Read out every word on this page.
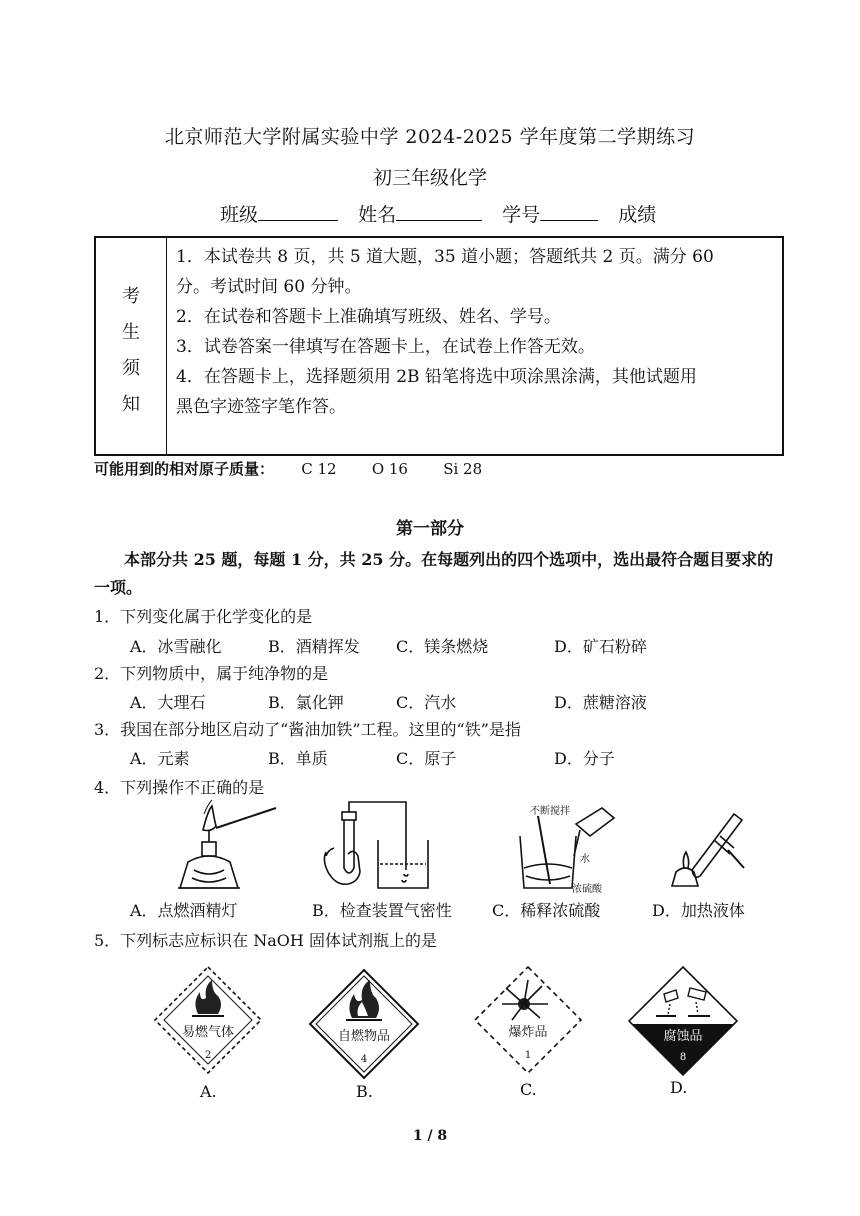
北京师范大学附属实验中学 2024-2025 学年度第二学期练习
初三年级化学
班级	姓名	学号	成绩
考
生
须
知
1．本试卷共 8 页，共 5 道大题，35 道小题；答题纸共 2 页。满分 60
分。考试时间 60 分钟。
2．在试卷和答题卡上准确填写班级、姓名、学号。
3．试卷答案一律填写在答题卡上，在试卷上作答无效。
4．在答题卡上，选择题须用 2B 铅笔将选中项涂黑涂满，其他试题用
黑色字迹签字笔作答。
可能用到的相对原子质量： C 12 O 16 Si 28
第一部分
本部分共 25 题，每题 1 分，共 25 分。在每题列出的四个选项中，选出最符合题目要求的一项。
1．下列变化属于化学变化的是
A．冰雪融化	B．酒精挥发 C．镁条燃烧	D．矿石粉碎
2．下列物质中，属于纯净物的是
A．大理石	B．氯化钾	C．汽水	D．蔗糖溶液
3．我国在部分地区启动了“酱油加铁”工程。这里的“铁”是指
A．元素	B．单质	C．原子	D．分子
4．下列操作不正确的是
不断搅拌
水
浓硫酸
A．点燃酒精灯	B．检查装置气密性	C．稀释浓硫酸	D．加热液体
5．下列标志应标识在 NaOH 固体试剂瓶上的是
易燃气体
2
自燃物品
4
爆炸品
1
腐蚀品
8
A.	B.	C.	D.
1 / 8
